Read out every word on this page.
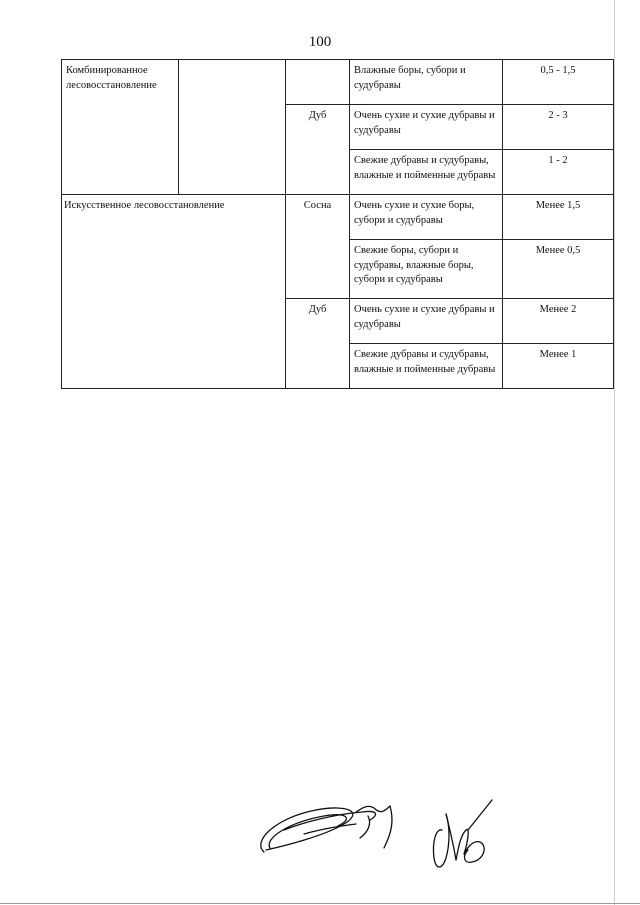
100
Комбинированное лесовосстановление			Влажные боры, субори и судубравы	0,5 - 1,5
		Дуб	Очень сухие и сухие дубравы и судубравы	2 - 3
			Свежие дубравы и судубравы, влажные и пойменные дубравы	1 - 2
Искусственное лесовосстановление		Сосна	Очень сухие и сухие боры, субори и судубравы	Менее 1,5
			Свежие боры, субори и судубравы, влажные боры, субори и судубравы	Менее 0,5
		Дуб	Очень сухие и сухие дубравы и судубравы	Менее 2
			Свежие дубравы и судубравы, влажные и пойменные дубравы	Менее 1
